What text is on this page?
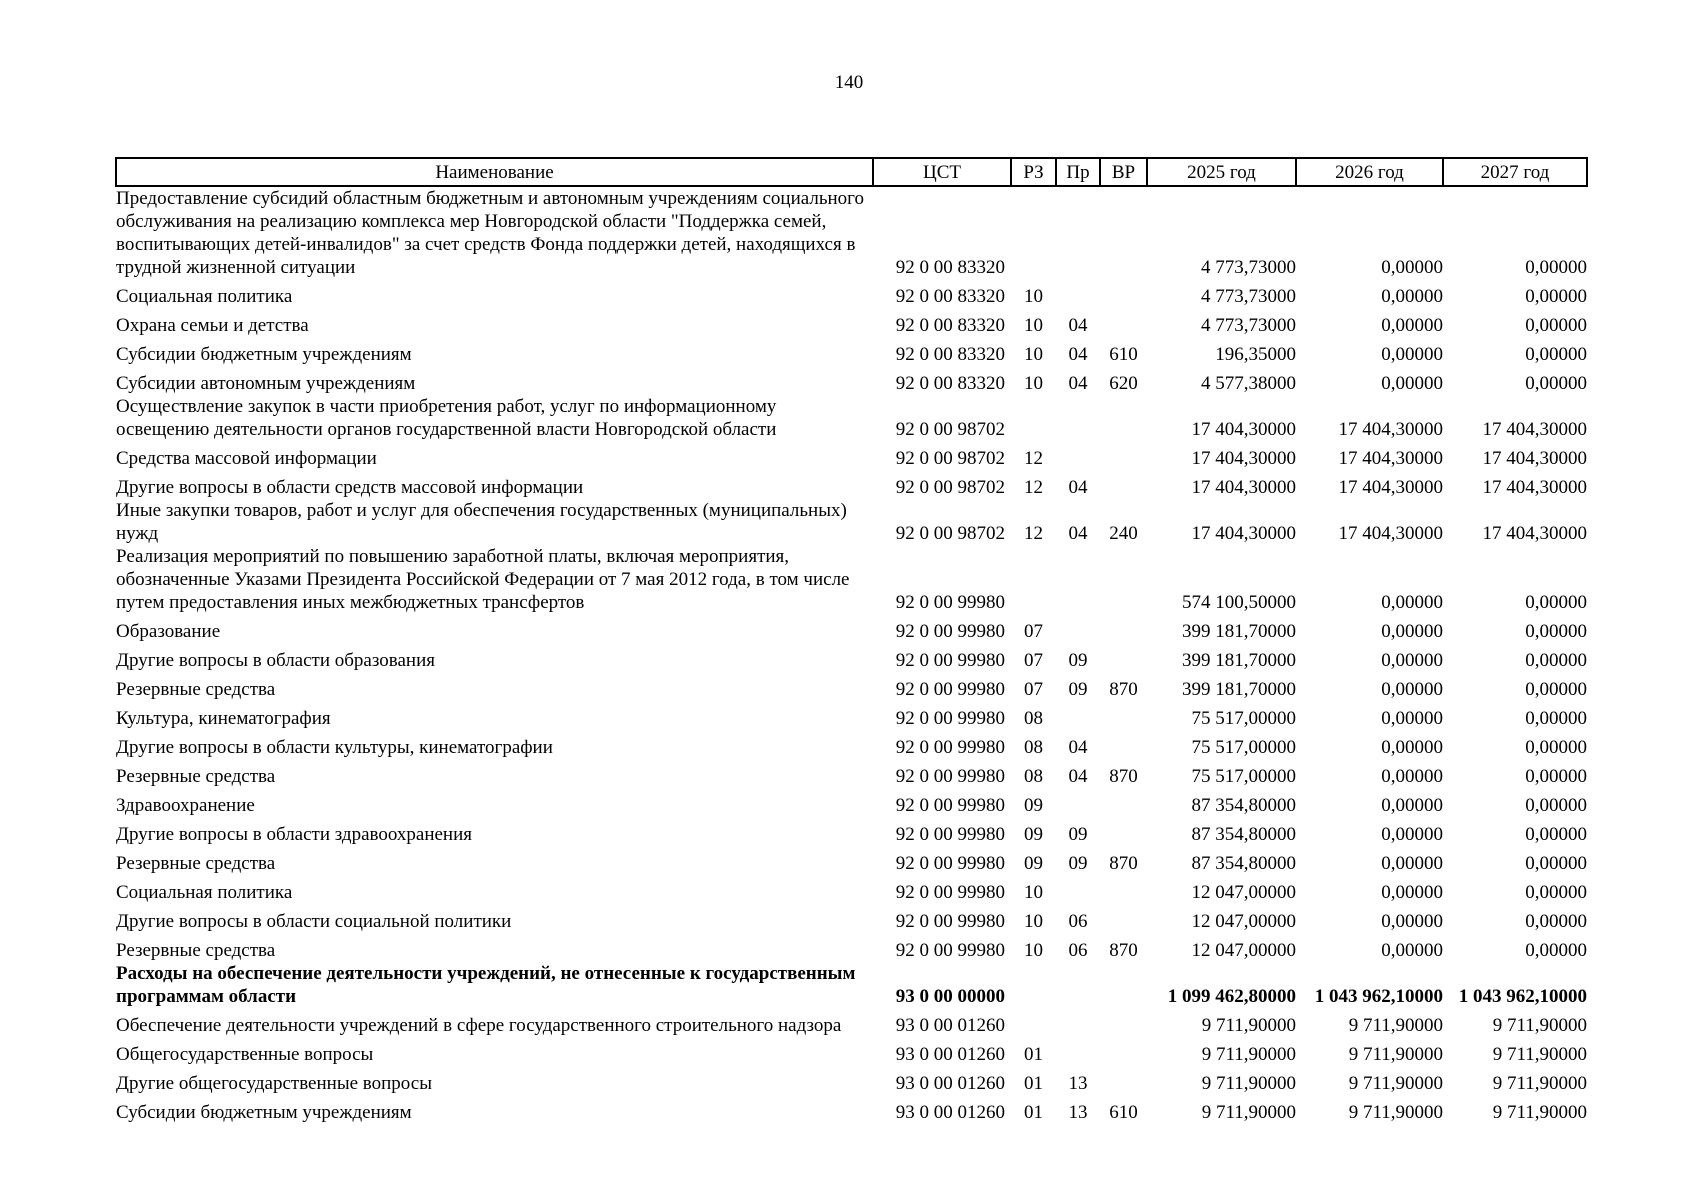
140
Наименование	ЦСТ	РЗ	Пр	ВР	2025 год	2026 год	2027 год
Предоставление субсидий областным бюджетным и автономным учреждениям социального обслуживания на реализацию комплекса мер Новгородской области "Поддержка семей, воспитывающих детей-инвалидов" за счет средств Фонда поддержки детей, находящихся в трудной жизненной ситуации	92 0 00 83320				4 773,73000	0,00000	0,00000
Социальная политика	92 0 00 83320	10			4 773,73000	0,00000	0,00000
Охрана семьи и детства	92 0 00 83320	10	04		4 773,73000	0,00000	0,00000
Субсидии бюджетным учреждениям	92 0 00 83320	10	04	610	196,35000	0,00000	0,00000
Субсидии автономным учреждениям	92 0 00 83320	10	04	620	4 577,38000	0,00000	0,00000
Осуществление закупок в части приобретения работ, услуг по информационному освещению деятельности органов государственной власти Новгородской области	92 0 00 98702				17 404,30000	17 404,30000	17 404,30000
Средства массовой информации	92 0 00 98702	12			17 404,30000	17 404,30000	17 404,30000
Другие вопросы в области средств массовой информации	92 0 00 98702	12	04		17 404,30000	17 404,30000	17 404,30000
Иные закупки товаров, работ и услуг для обеспечения государственных (муниципальных) нужд	92 0 00 98702	12	04	240	17 404,30000	17 404,30000	17 404,30000
Реализация мероприятий по повышению заработной платы, включая мероприятия, обозначенные Указами Президента Российской Федерации от 7 мая 2012 года, в том числе путем предоставления иных межбюджетных трансфертов	92 0 00 99980				574 100,50000	0,00000	0,00000
Образование	92 0 00 99980	07			399 181,70000	0,00000	0,00000
Другие вопросы в области образования	92 0 00 99980	07	09		399 181,70000	0,00000	0,00000
Резервные средства	92 0 00 99980	07	09	870	399 181,70000	0,00000	0,00000
Культура, кинематография	92 0 00 99980	08			75 517,00000	0,00000	0,00000
Другие вопросы в области культуры, кинематографии	92 0 00 99980	08	04		75 517,00000	0,00000	0,00000
Резервные средства	92 0 00 99980	08	04	870	75 517,00000	0,00000	0,00000
Здравоохранение	92 0 00 99980	09			87 354,80000	0,00000	0,00000
Другие вопросы в области здравоохранения	92 0 00 99980	09	09		87 354,80000	0,00000	0,00000
Резервные средства	92 0 00 99980	09	09	870	87 354,80000	0,00000	0,00000
Социальная политика	92 0 00 99980	10			12 047,00000	0,00000	0,00000
Другие вопросы в области социальной политики	92 0 00 99980	10	06		12 047,00000	0,00000	0,00000
Резервные средства	92 0 00 99980	10	06	870	12 047,00000	0,00000	0,00000
Расходы на обеспечение деятельности учреждений, не отнесенные к государственным программам области	93 0 00 00000				1 099 462,80000	1 043 962,10000	1 043 962,10000
Обеспечение деятельности учреждений в сфере государственного строительного надзора	93 0 00 01260				9 711,90000	9 711,90000	9 711,90000
Общегосударственные вопросы	93 0 00 01260	01			9 711,90000	9 711,90000	9 711,90000
Другие общегосударственные вопросы	93 0 00 01260	01	13		9 711,90000	9 711,90000	9 711,90000
Субсидии бюджетным учреждениям	93 0 00 01260	01	13	610	9 711,90000	9 711,90000	9 711,90000
